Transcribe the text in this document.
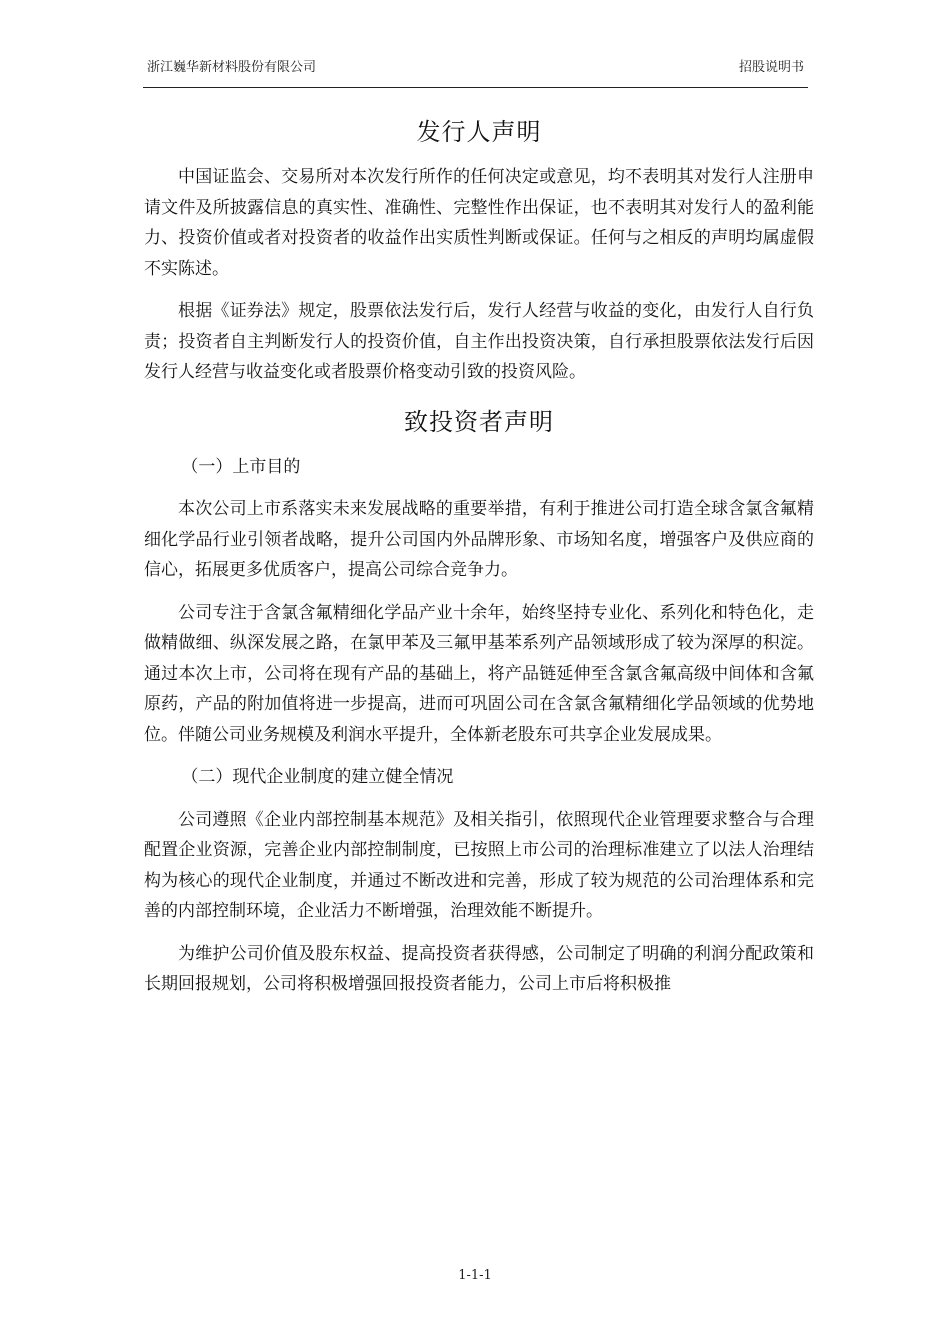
浙江巍华新材料股份有限公司	招股说明书
发行人声明

中国证监会、交易所对本次发行所作的任何决定或意见，均不表明其对发行人注册申请文件及所披露信息的真实性、准确性、完整性作出保证，也不表明其对发行人的盈利能力、投资价值或者对投资者的收益作出实质性判断或保证。任何与之相反的声明均属虚假不实陈述。

根据《证券法》规定，股票依法发行后，发行人经营与收益的变化，由发行人自行负责；投资者自主判断发行人的投资价值，自主作出投资决策，自行承担股票依法发行后因发行人经营与收益变化或者股票价格变动引致的投资风险。

致投资者声明

（一）上市目的

本次公司上市系落实未来发展战略的重要举措，有利于推进公司打造全球含氯含氟精细化学品行业引领者战略，提升公司国内外品牌形象、市场知名度，增强客户及供应商的信心，拓展更多优质客户，提高公司综合竞争力。

公司专注于含氯含氟精细化学品产业十余年，始终坚持专业化、系列化和特色化，走做精做细、纵深发展之路，在氯甲苯及三氟甲基苯系列产品领域形成了较为深厚的积淀。通过本次上市，公司将在现有产品的基础上，将产品链延伸至含氯含氟高级中间体和含氟原药，产品的附加值将进一步提高，进而可巩固公司在含氯含氟精细化学品领域的优势地位。伴随公司业务规模及利润水平提升，全体新老股东可共享企业发展成果。

（二）现代企业制度的建立健全情况

公司遵照《企业内部控制基本规范》及相关指引，依照现代企业管理要求整合与合理配置企业资源，完善企业内部控制制度，已按照上市公司的治理标准建立了以法人治理结构为核心的现代企业制度，并通过不断改进和完善，形成了较为规范的公司治理体系和完善的内部控制环境，企业活力不断增强，治理效能不断提升。

为维护公司价值及股东权益、提高投资者获得感，公司制定了明确的利润分配政策和长期回报规划，公司将积极增强回报投资者能力，公司上市后将积极推

1-1-1
